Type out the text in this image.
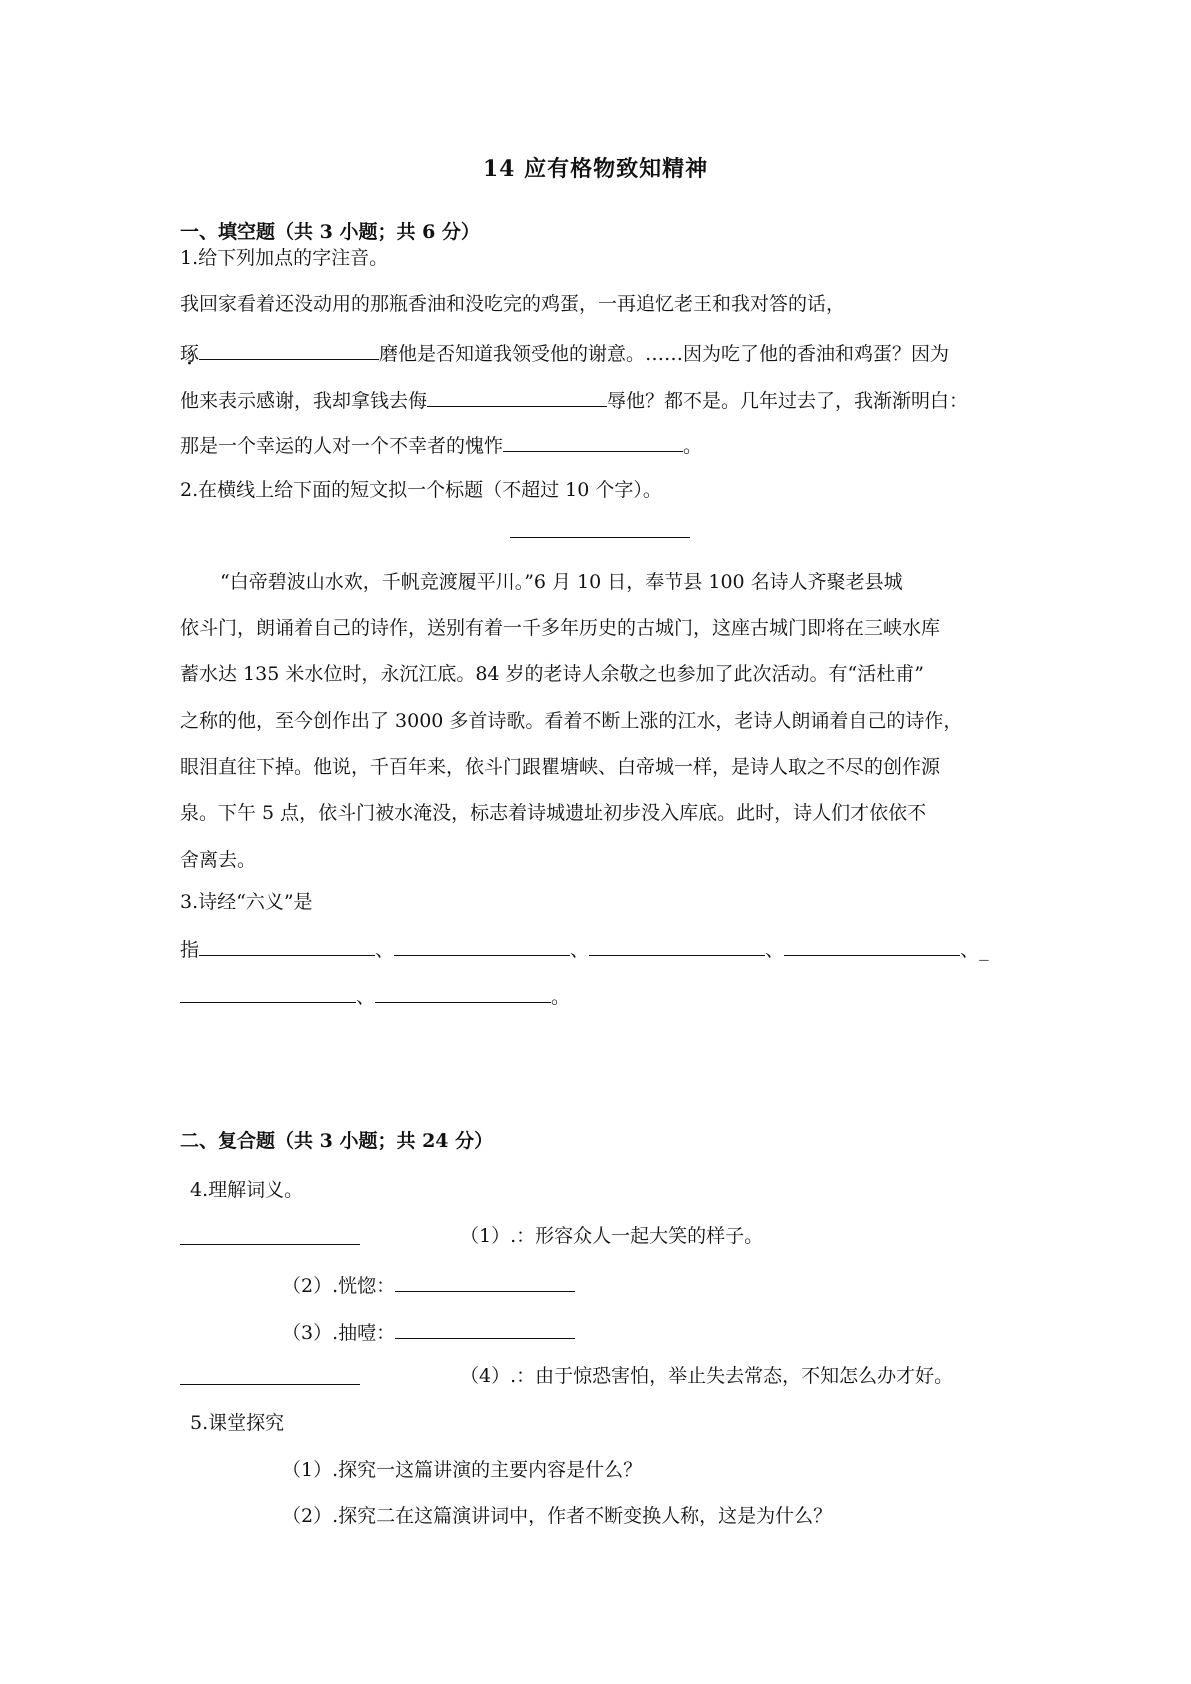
14 应有格物致知精神
一、填空题（共 3 小题；共 6 分）
1.给下列加点的字注音。
我回家看着还没动用的那瓶香油和没吃完的鸡蛋，一再追忆老王和我对答的话，
琢	磨他是否知道我领受他的谢意。……因为吃了他的香油和鸡蛋？因为
他来表示感谢，我却拿钱去侮	辱他？都不是。几年过去了，我渐渐明白：
那是一个幸运的人对一个不幸者的愧怍	。
2.在横线上给下面的短文拟一个标题（不超过 10 个字）。
“白帝碧波山水欢，千帆竞渡履平川。”6 月 10 日，奉节县 100 名诗人齐聚老县城
依斗门，朗诵着自己的诗作，送别有着一千多年历史的古城门，这座古城门即将在三峡水库
蓄水达 135 米水位时，永沉江底。84 岁的老诗人余敬之也参加了此次活动。有“活杜甫”
之称的他，至今创作出了 3000 多首诗歌。看着不断上涨的江水，老诗人朗诵着自己的诗作，
眼泪直往下掉。他说，千百年来，依斗门跟瞿塘峡、白帝城一样，是诗人取之不尽的创作源
泉。下午 5 点，依斗门被水淹没，标志着诗城遗址初步没入库底。此时，诗人们才依依不
舍离去。
3.诗经“六义”是
指	、	、	、	、_
、	。
二、复合题（共 3 小题；共 24 分）
4.理解词义。
（1）.：形容众人一起大笑的样子。
（2）.恍惚：
（3）.抽噎：
（4）.：由于惊恐害怕，举止失去常态，不知怎么办才好。
5.课堂探究
（1）.探究一这篇讲演的主要内容是什么？
（2）.探究二在这篇演讲词中，作者不断变换人称，这是为什么？
